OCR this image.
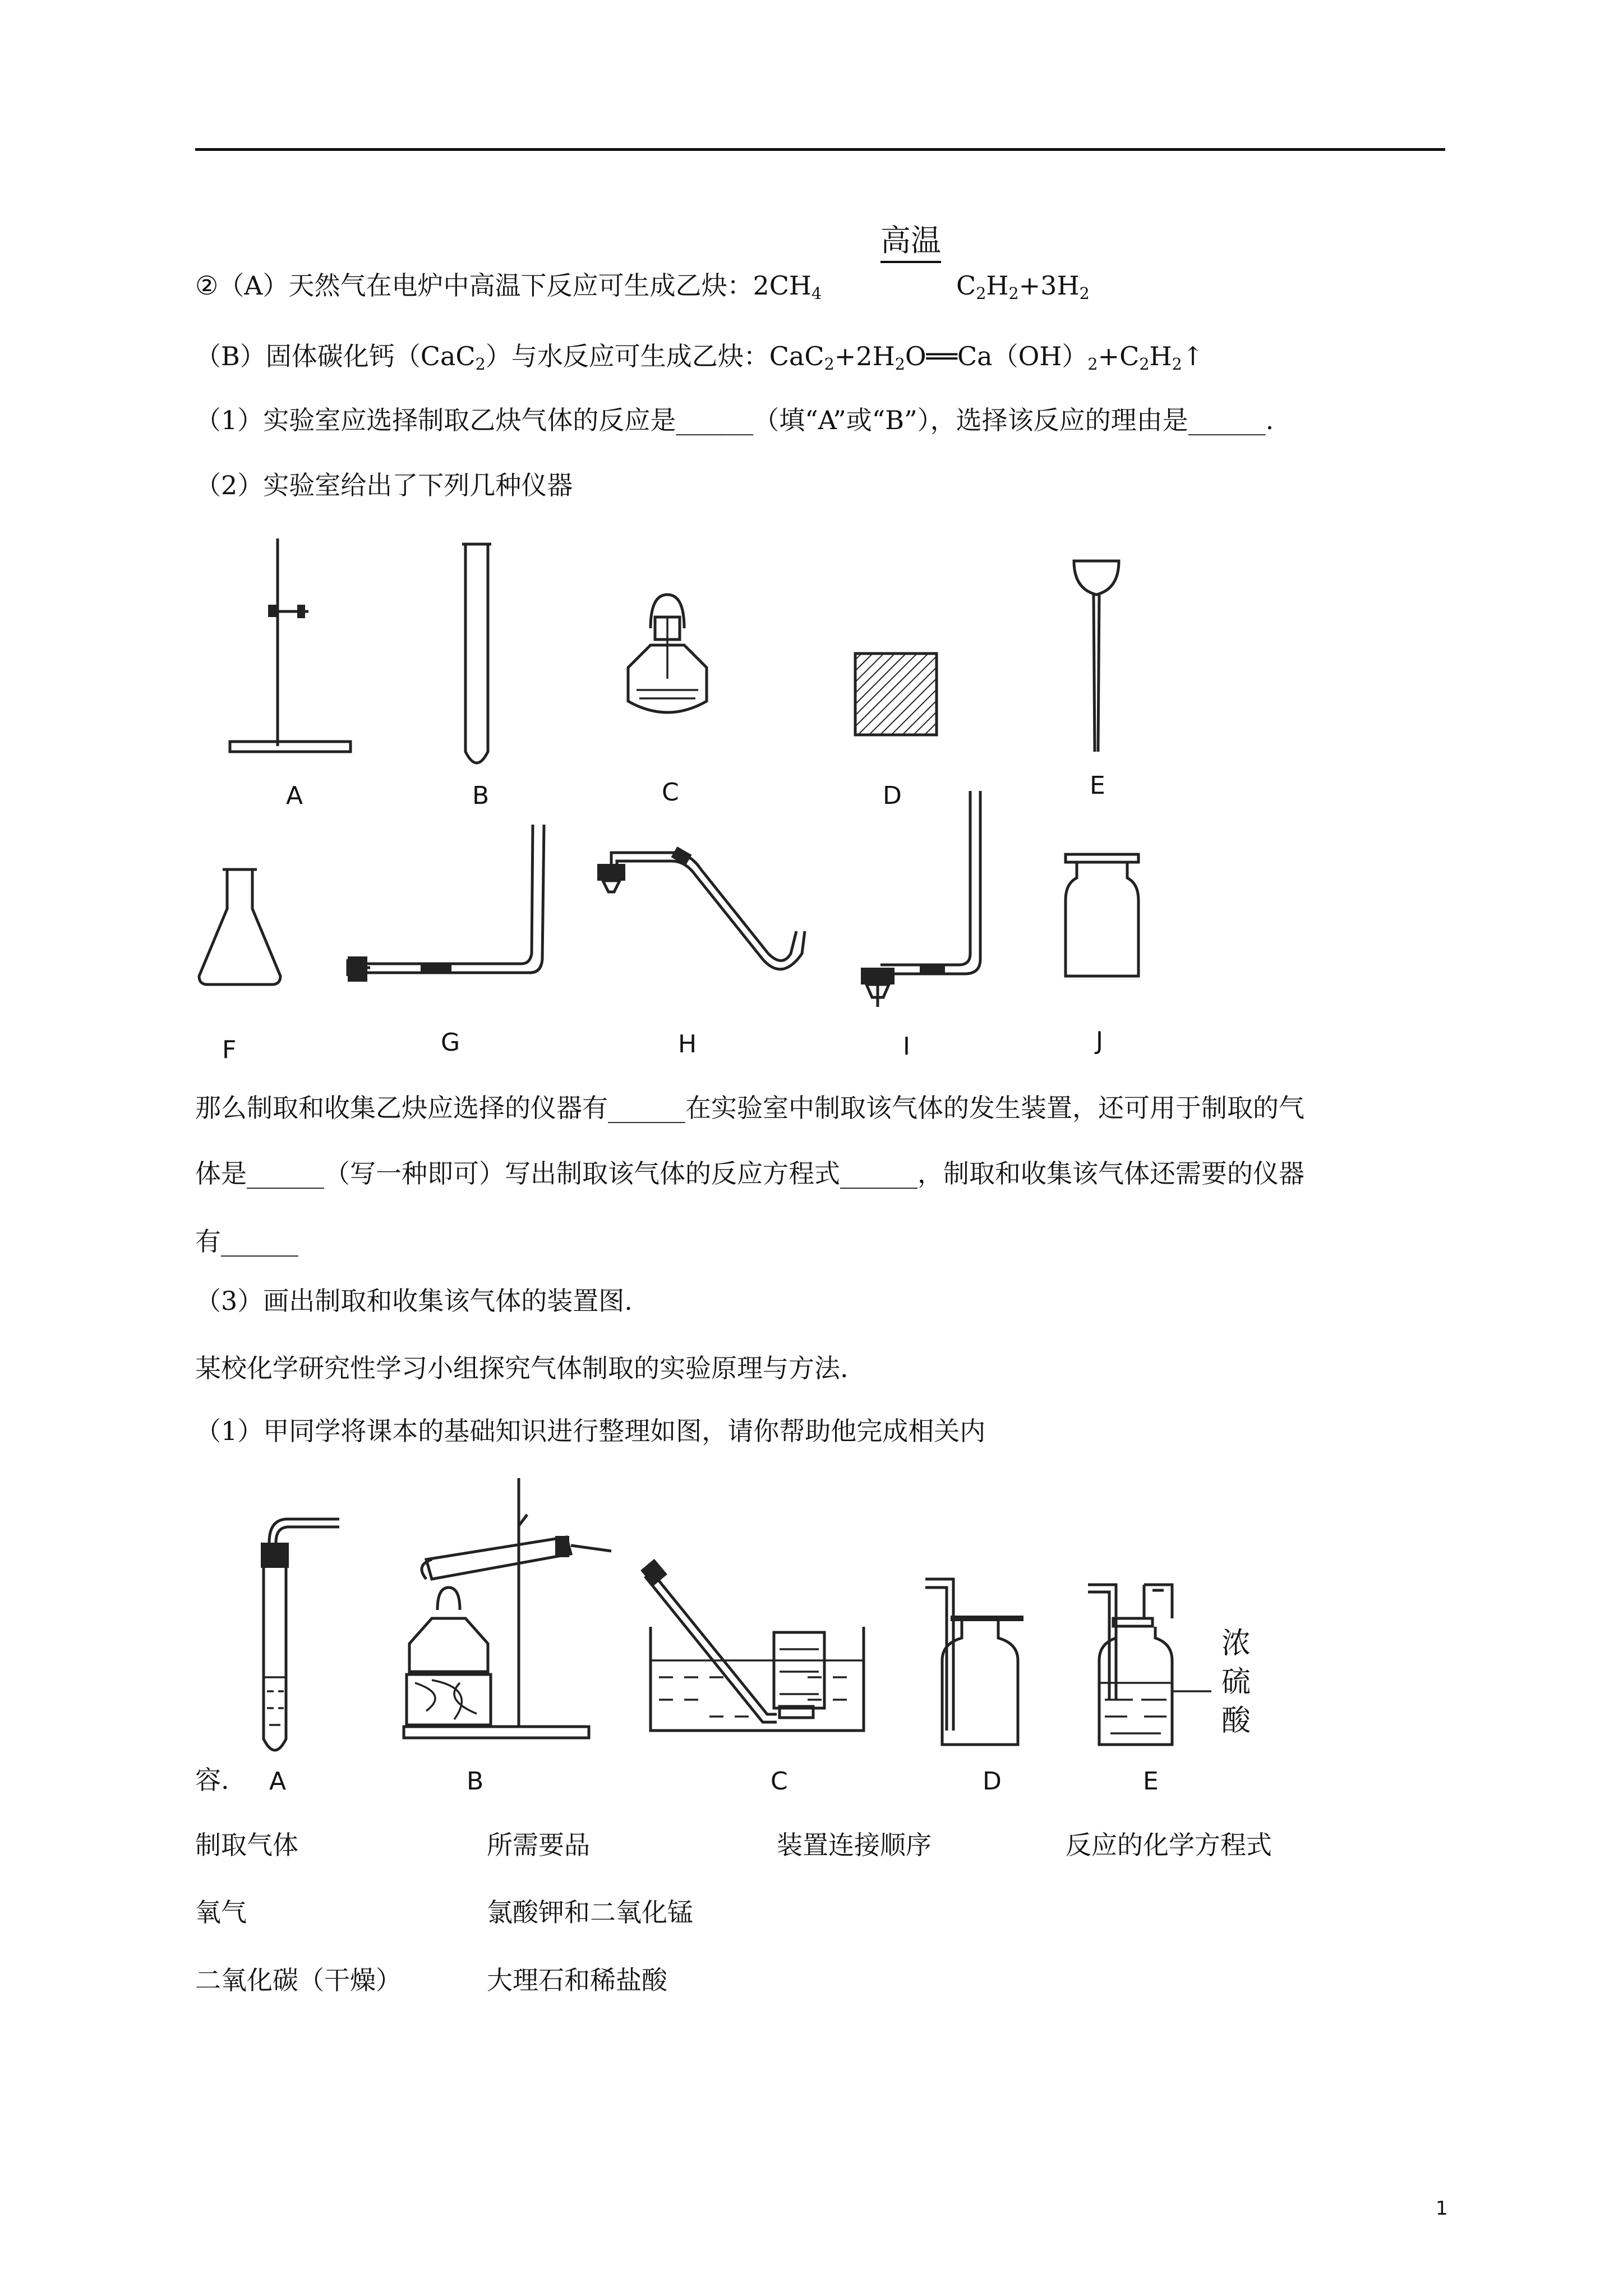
高温
②（A）天然气在电炉中高温下反应可生成乙炔：$2CH_4$	$C_2H_2+3H_2$
（B）固体碳化钙（CaC$_2$）与水反应可生成乙炔：$CaC_2+2H_2O══Ca(OH)_2+C_2H_2↑$
（1）实验室应选择制取乙炔气体的反应是______（填“A”或“B”），选择该反应的理由是______.
（2）实验室给出了下列几种仪器
A	B	C	D	E
F	G	H	I	J
那么制取和收集乙炔应选择的仪器有______在实验室中制取该气体的发生装置，还可用于制取的气
体是______（写一种即可）写出制取该气体的反应方程式______，制取和收集该气体还需要的仪器
有______
（3）画出制取和收集该气体的装置图.
某校化学研究性学习小组探究气体制取的实验原理与方法.
（1）甲同学将课本的基础知识进行整理如图，请你帮助他完成相关内
浓
硫
酸
容. A	B	C	D	E
制取气体	所需要品	装置连接顺序	反应的化学方程式
氧气	氯酸钾和二氧化锰
二氧化碳（干燥）	大理石和稀盐酸
1
